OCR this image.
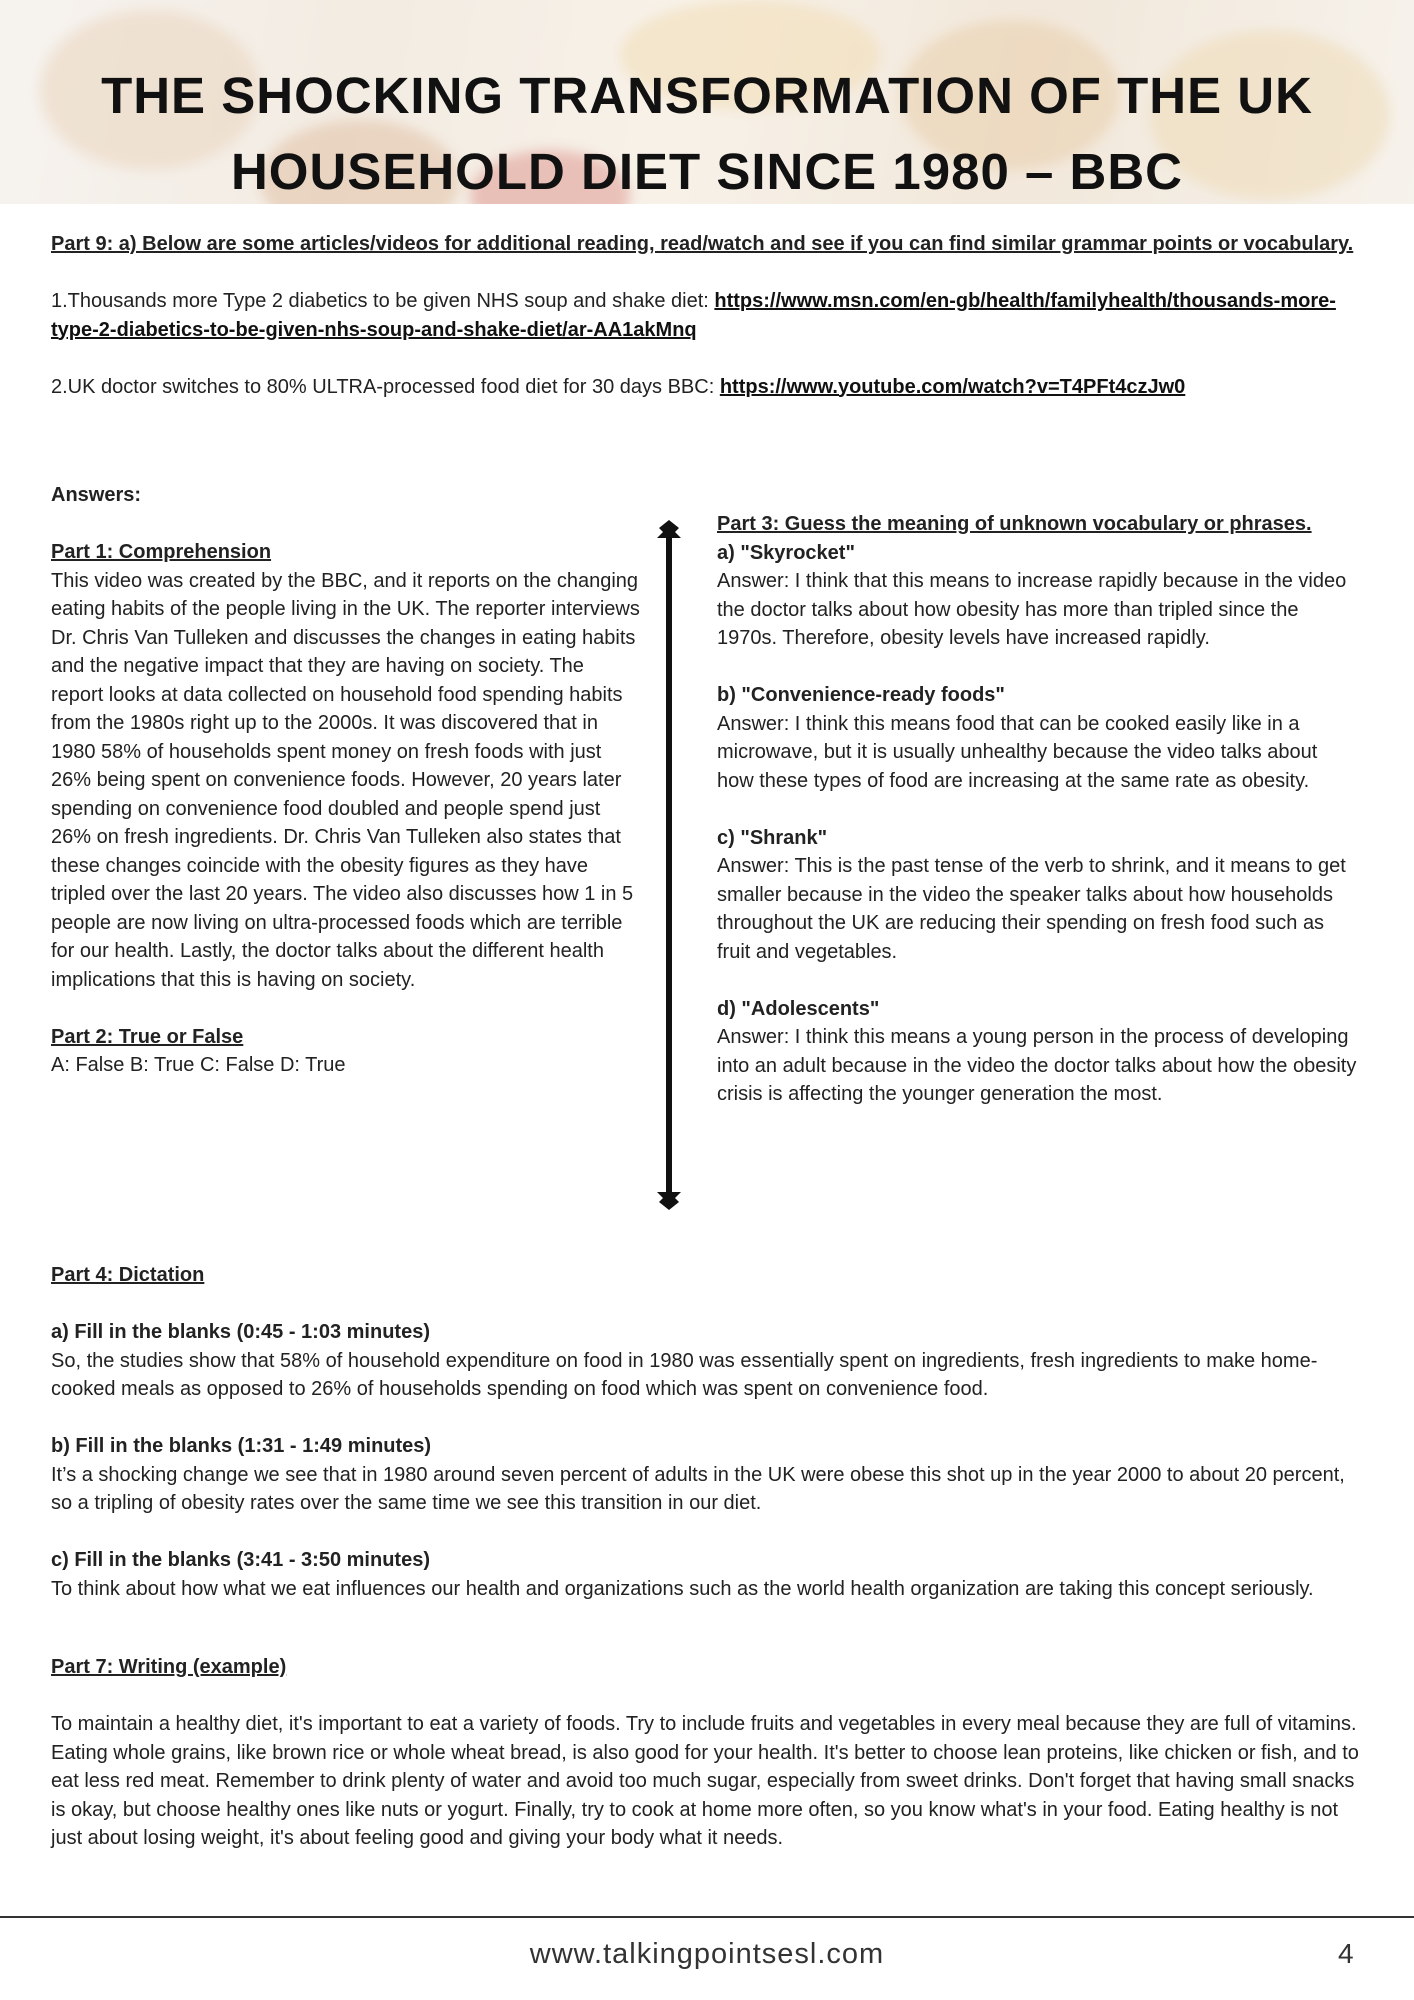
THE SHOCKING TRANSFORMATION OF THE UK
HOUSEHOLD DIET SINCE 1980 – BBC

Part 9: a) Below are some articles/videos for additional reading, read/watch and see if you can find similar grammar points or vocabulary.

1.Thousands more Type 2 diabetics to be given NHS soup and shake diet: https://www.msn.com/en-gb/health/familyhealth/thousands-more-type-2-diabetics-to-be-given-nhs-soup-and-shake-diet/ar-AA1akMnq

2.UK doctor switches to 80% ULTRA-processed food diet for 30 days BBC: https://www.youtube.com/watch?v=T4PFt4czJw0

Answers:

Part 1: Comprehension

This video was created by the BBC, and it reports on the changing eating habits of the people living in the UK. The reporter interviews Dr. Chris Van Tulleken and discusses the changes in eating habits and the negative impact that they are having on society. The report looks at data collected on household food spending habits from the 1980s right up to the 2000s. It was discovered that in 1980 58% of households spent money on fresh foods with just 26% being spent on convenience foods. However, 20 years later spending on convenience food doubled and people spend just 26% on fresh ingredients. Dr. Chris Van Tulleken also states that these changes coincide with the obesity figures as they have tripled over the last 20 years. The video also discusses how 1 in 5 people are now living on ultra-processed foods which are terrible for our health. Lastly, the doctor talks about the different health implications that this is having on society.

Part 2: True or False

A: False B: True C: False D: True

Part 3: Guess the meaning of unknown vocabulary or phrases.

a) "Skyrocket"

Answer: I think that this means to increase rapidly because in the video the doctor talks about how obesity has more than tripled since the 1970s. Therefore, obesity levels have increased rapidly.

b) "Convenience-ready foods"

Answer: I think this means food that can be cooked easily like in a microwave, but it is usually unhealthy because the video talks about how these types of food are increasing at the same rate as obesity.

c) "Shrank"

Answer: This is the past tense of the verb to shrink, and it means to get smaller because in the video the speaker talks about how households throughout the UK are reducing their spending on fresh food such as fruit and vegetables.

d) "Adolescents"

Answer: I think this means a young person in the process of developing into an adult because in the video the doctor talks about how the obesity crisis is affecting the younger generation the most.

Part 4: Dictation

a) Fill in the blanks (0:45 - 1:03 minutes)

So, the studies show that 58% of household expenditure on food in 1980 was essentially spent on ingredients, fresh ingredients to make home-cooked meals as opposed to 26% of households spending on food which was spent on convenience food.

b) Fill in the blanks (1:31 - 1:49 minutes)

It’s a shocking change we see that in 1980 around seven percent of adults in the UK were obese this shot up in the year 2000 to about 20 percent, so a tripling of obesity rates over the same time we see this transition in our diet.

c) Fill in the blanks (3:41 - 3:50 minutes)

To think about how what we eat influences our health and organizations such as the world health organization are taking this concept seriously.

Part 7: Writing (example)

To maintain a healthy diet, it's important to eat a variety of foods. Try to include fruits and vegetables in every meal because they are full of vitamins. Eating whole grains, like brown rice or whole wheat bread, is also good for your health. It's better to choose lean proteins, like chicken or fish, and to eat less red meat. Remember to drink plenty of water and avoid too much sugar, especially from sweet drinks. Don't forget that having small snacks is okay, but choose healthy ones like nuts or yogurt. Finally, try to cook at home more often, so you know what's in your food. Eating healthy is not just about losing weight, it's about feeling good and giving your body what it needs.

www.talkingpointsesl.com	4
